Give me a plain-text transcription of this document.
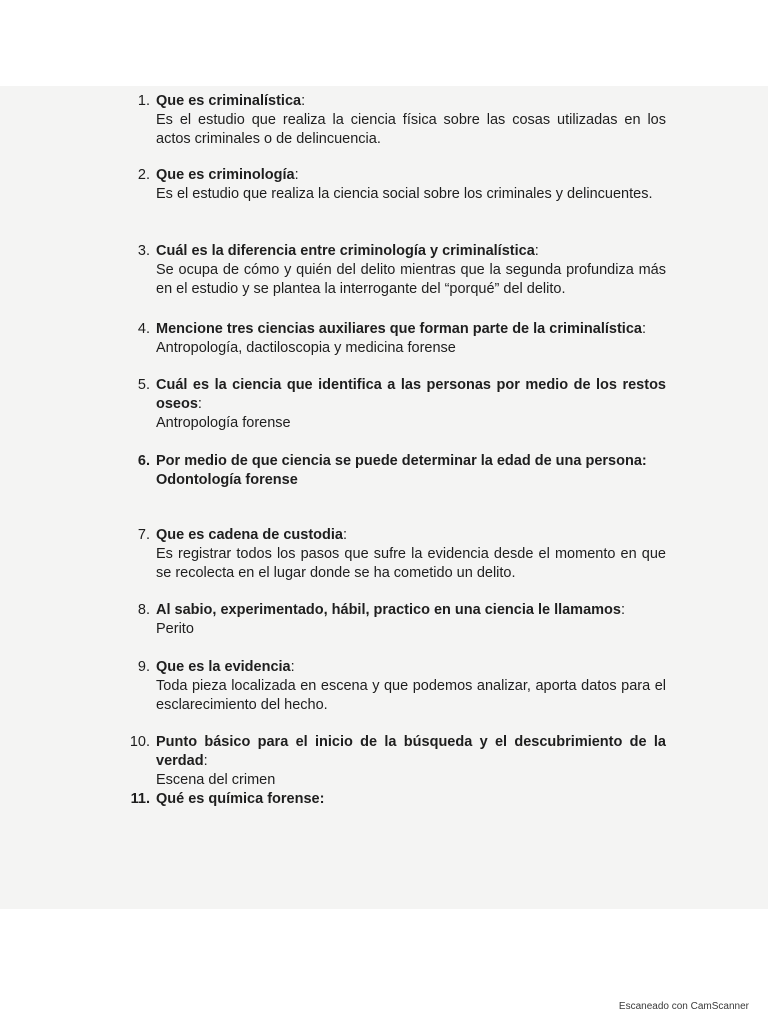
1. Que es criminalística:
Es el estudio que realiza la ciencia física sobre las cosas utilizadas en los actos criminales o de delincuencia.
2. Que es criminología:
Es el estudio que realiza la ciencia social sobre los criminales y delincuentes.
3. Cuál es la diferencia entre criminología y criminalística:
Se ocupa de cómo y quién del delito mientras que la segunda profundiza más en el estudio y se plantea la interrogante del “porqué” del delito.
4. Mencione tres ciencias auxiliares que forman parte de la criminalística:
Antropología, dactiloscopia y medicina forense
5. Cuál es la ciencia que identifica a las personas por medio de los restos oseos:
Antropología forense
6. Por medio de que ciencia se puede determinar la edad de una persona:
Odontología forense
7. Que es cadena de custodia:
Es registrar todos los pasos que sufre la evidencia desde el momento en que se recolecta en el lugar donde se ha cometido un delito.
8. Al sabio, experimentado, hábil, practico en una ciencia le llamamos:
Perito
9. Que es la evidencia:
Toda pieza localizada en escena y que podemos analizar, aporta datos para el esclarecimiento del hecho.
10. Punto básico para el inicio de la búsqueda y el descubrimiento de la verdad:
Escena del crimen
11. Qué es química forense:
Escaneado con CamScanner
